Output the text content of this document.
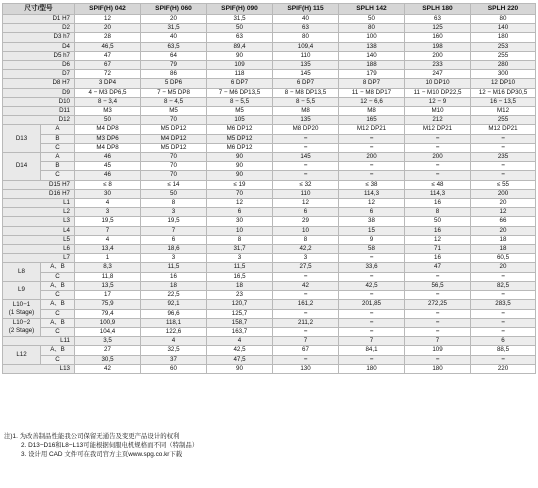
尺寸/型号		SPIF(H) 042	SPIF(H) 060	SPIF(H) 090	SPIF(H) 115	SPLH 142	SPLH 180	SPLH 220
D1 H7		12	20	31,5	40	50	63	80
D2		20	31,5	50	63	80	125	140
D3 h7		28	40	63	80	100	160	180
D4		46,5	63,5	89,4	109,4	138	198	253
D5 h7		47	64	90	110	140	200	255
D6		67	79	109	135	188	233	280
D7		72	86	118	145	179	247	300
D8 H7		3 DP4	5 DP6	6 DP7	6 DP7	8 DP7	10 DP10	12 DP10
D9		4 − M3 DP6,5	7 − M5 DP8	7 − M6 DP13,5	8 − M8 DP13,5	11 − M8 DP17	11 − M10 DP22,5	12 − M16 DP30,5
D10		8 − 3,4	8 − 4,5	8 − 5,5	8 − 5,5	12 − 6,6	12 − 9	16 − 13,5
D11		M3	M5	M5	M8	M8	M10	M12
D12		50	70	105	135	165	212	255
D13	A	M4 DP8	M5 DP12	M6 DP12	M8 DP20	M12 DP21	M12 DP21	M12 DP21
	B	M3 DP6	M4 DP12	M5 DP12	−	−	−	−
	C	M4 DP8	M5 DP12	M6 DP12	−	−	−	−
D14	A	46	70	90	145	200	200	235
	B	45	70	90	−	−	−	−
	C	46	70	90	−	−	−	−
D15 H7		≤ 8	≤ 14	≤ 19	≤ 32	≤ 38	≤ 48	≤ 55
D16 H7		30	50	70	110	114,3	114,3	200
L1		4	8	12	12	12	16	20
L2		3	3	6	6	6	8	12
L3		19,5	19,5	30	29	38	50	66
L4		7	7	10	10	15	16	20
L5		4	6	8	8	9	12	18
L6		13,4	18,6	31,7	42,2	58	71	18
L7		1	3	3	3	−	16	60,5
L8	A、B	8,3	11,5	11,5	27,5	33,6	47	20
	C	11,8	16	16,5	−	−	−	−
L9	A、B	13,5	18	18	42	42,5	56,5	82,5
	C	17	22,5	23	−	−	−	−

L10−1
(1 Stage)	A、B	75,9	92,1	120,7	161,2	201,85	272,25	283,5
	C	79,4	96,6	125,7	−	−	−	−

L10−2
(2 Stage)	A、B	100,9	118,1	158,7	211,2	−	−	−
	C	104,4	122,6	163,7	−	−	−	−
L11		3,5	4	4	7	7	7	6
L12	A、B	27	32,5	42,5	67	84,1	109	88,5
	C	30,5	37	47,5	−	−	−	−
L13		42	60	90	130	180	180	220
注)1. 为改善制品性能我公司保留无通告及变更产品设计的权利
2. D13−D16和L8−L13可能根据伺服电机规格而不同（特制品）
3. 设计用 CAD 文件可在我司官方主页www.spg.co.kr下载
